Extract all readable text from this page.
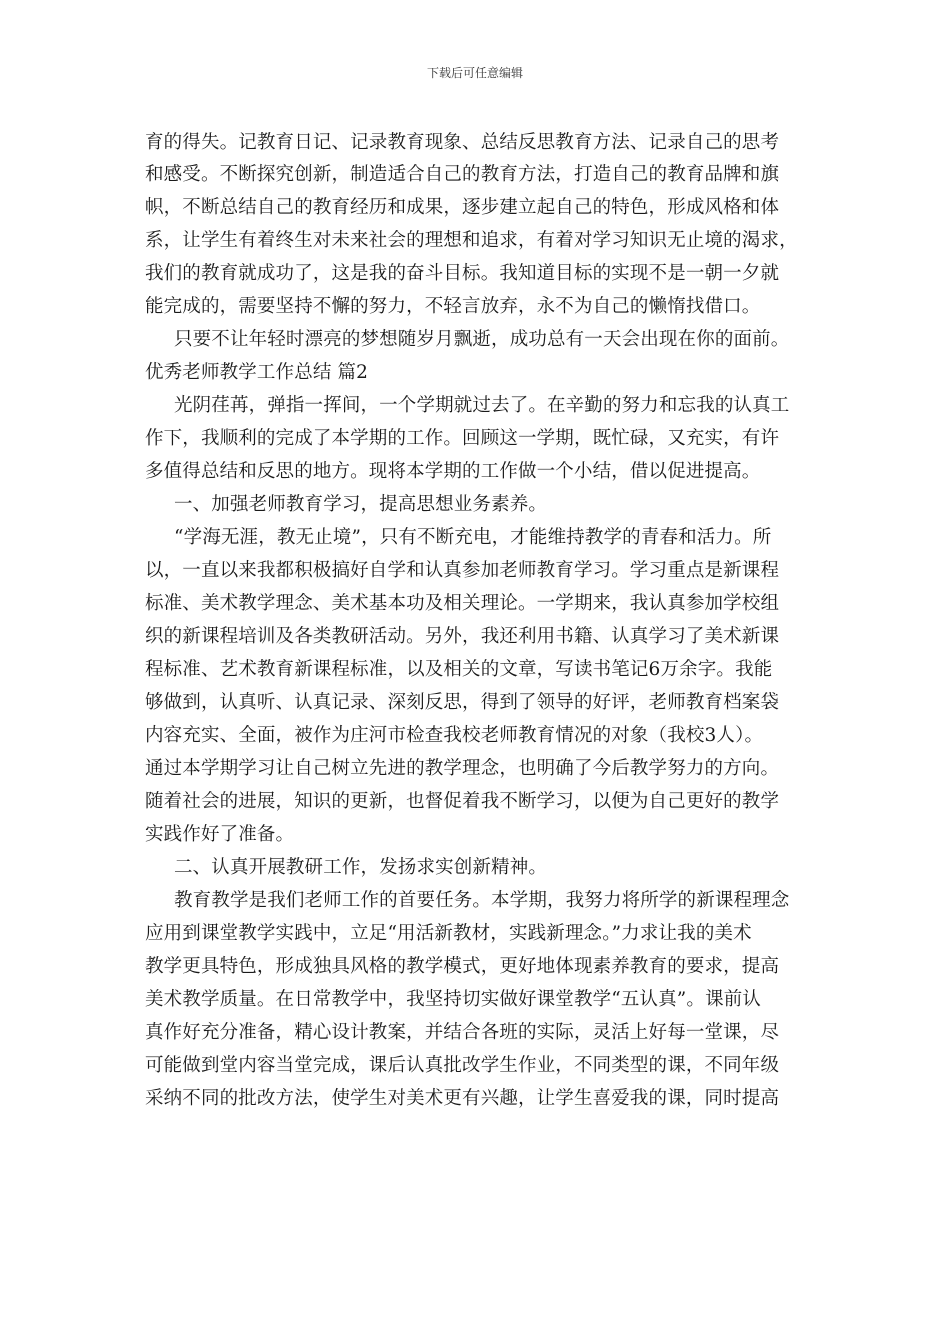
下载后可任意编辑
育的得失。记教育日记、记录教育现象、总结反思教育方法、记录自己的思考
和感受。不断探究创新，制造适合自己的教育方法，打造自己的教育品牌和旗
帜，不断总结自己的教育经历和成果，逐步建立起自己的特色，形成风格和体
系，让学生有着终生对未来社会的理想和追求，有着对学习知识无止境的渴求，
我们的教育就成功了，这是我的奋斗目标。我知道目标的实现不是一朝一夕就
能完成的，需要坚持不懈的努力，不轻言放弃，永不为自己的懒惰找借口。
只要不让年轻时漂亮的梦想随岁月飘逝，成功总有一天会出现在你的面前。
优秀老师教学工作总结 篇2
光阴荏苒，弹指一挥间，一个学期就过去了。在辛勤的努力和忘我的认真工
作下，我顺利的完成了本学期的工作。回顾这一学期，既忙碌，又充实，有许
多值得总结和反思的地方。现将本学期的工作做一个小结，借以促进提高。
一、加强老师教育学习，提高思想业务素养。
“学海无涯，教无止境”，只有不断充电，才能维持教学的青春和活力。所
以，一直以来我都积极搞好自学和认真参加老师教育学习。学习重点是新课程
标准、美术教学理念、美术基本功及相关理论。一学期来，我认真参加学校组
织的新课程培训及各类教研活动。另外，我还利用书籍、认真学习了美术新课
程标准、艺术教育新课程标准，以及相关的文章，写读书笔记6万余字。我能
够做到，认真听、认真记录、深刻反思，得到了领导的好评，老师教育档案袋
内容充实、全面，被作为庄河市检查我校老师教育情况的对象（我校3人）。
通过本学期学习让自己树立先进的教学理念，也明确了今后教学努力的方向。
随着社会的进展，知识的更新，也督促着我不断学习，以便为自己更好的教学
实践作好了准备。
二、认真开展教研工作，发扬求实创新精神。
教育教学是我们老师工作的首要任务。本学期，我努力将所学的新课程理念
应用到课堂教学实践中，立足“用活新教材，实践新理念。”力求让我的美术
教学更具特色，形成独具风格的教学模式，更好地体现素养教育的要求，提高
美术教学质量。在日常教学中，我坚持切实做好课堂教学“五认真”。课前认
真作好充分准备，精心设计教案，并结合各班的实际，灵活上好每一堂课，尽
可能做到堂内容当堂完成，课后认真批改学生作业，不同类型的课，不同年级
采纳不同的批改方法，使学生对美术更有兴趣，让学生喜爱我的课，同时提高
